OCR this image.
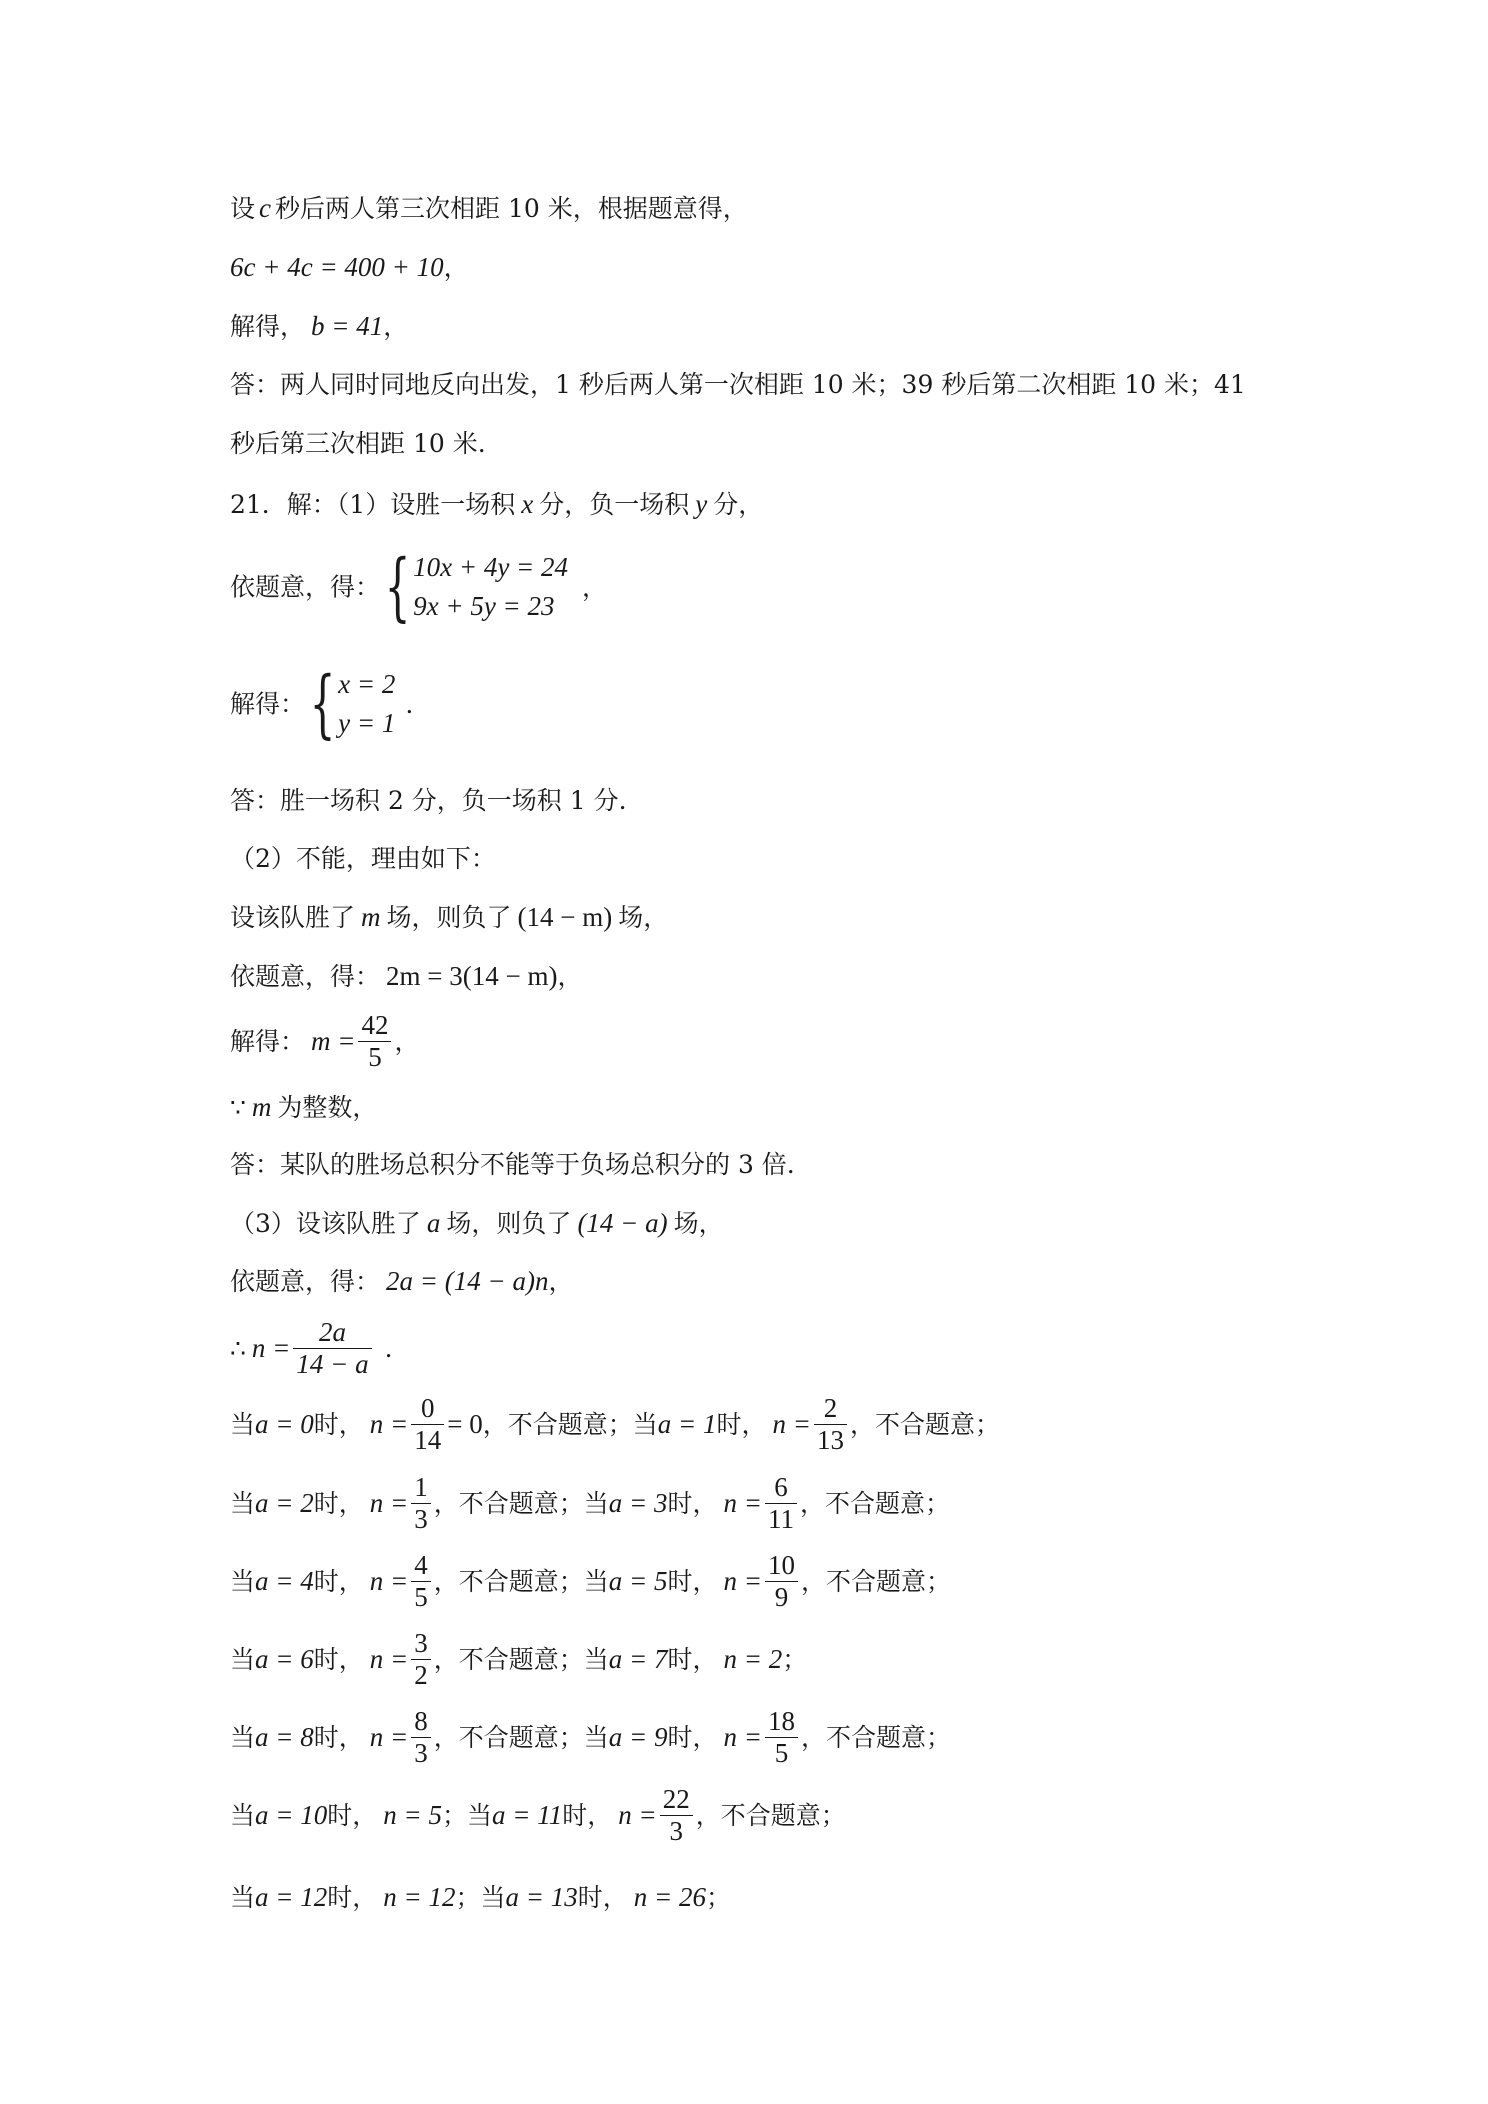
设 c 秒后两人第三次相距 10 米，根据题意得，
6c + 4c = 400 + 10，
解得， b = 41，
答：两人同时同地反向出发，1 秒后两人第一次相距 10 米；39 秒后第二次相距 10 米；41
秒后第三次相距 10 米.
21．解：（1）设胜一场积 x 分，负一场积 y 分，
依题意，得： { 10x + 4y = 24
9x + 5y = 23
，
解得： { x = 2
y = 1
.
答：胜一场积 2 分，负一场积 1 分.
（2）不能，理由如下：
设该队胜了 m 场，则负了 (14 − m) 场，
依题意，得： 2m = 3(14 − m)，
解得： $m = \frac{42}{5}$ ，
∵ m 为整数，
答：某队的胜场总积分不能等于负场总积分的 3 倍.
（3）设该队胜了 a 场，则负了 (14 − a) 场，
依题意，得： 2a = (14 − a)n，
∴ $n = \frac{2a}{14 - a}$ .
当a = 0时， $n = \frac{0}{14} = 0$，不合题意；当a = 1时， $n = \frac{2}{13}$ ，不合题意；
当a = 2时， $n = \frac{1}{3}$ ，不合题意；当a = 3时， $n = \frac{6}{11}$ ，不合题意；
当a = 4时， $n = \frac{4}{5}$ ，不合题意；当a = 5时， $n = \frac{10}{9}$ ，不合题意；
当a = 6时， $n = \frac{3}{2}$ ，不合题意；当a = 7时， n = 2；
当a = 8时， $n = \frac{8}{3}$ ，不合题意；当a = 9时， $n = \frac{18}{5}$ ，不合题意；
当a = 10时， n = 5；当a = 11时， $n = \frac{22}{3}$ ，不合题意；
当a = 12时， n = 12；当a = 13时， n = 26；
